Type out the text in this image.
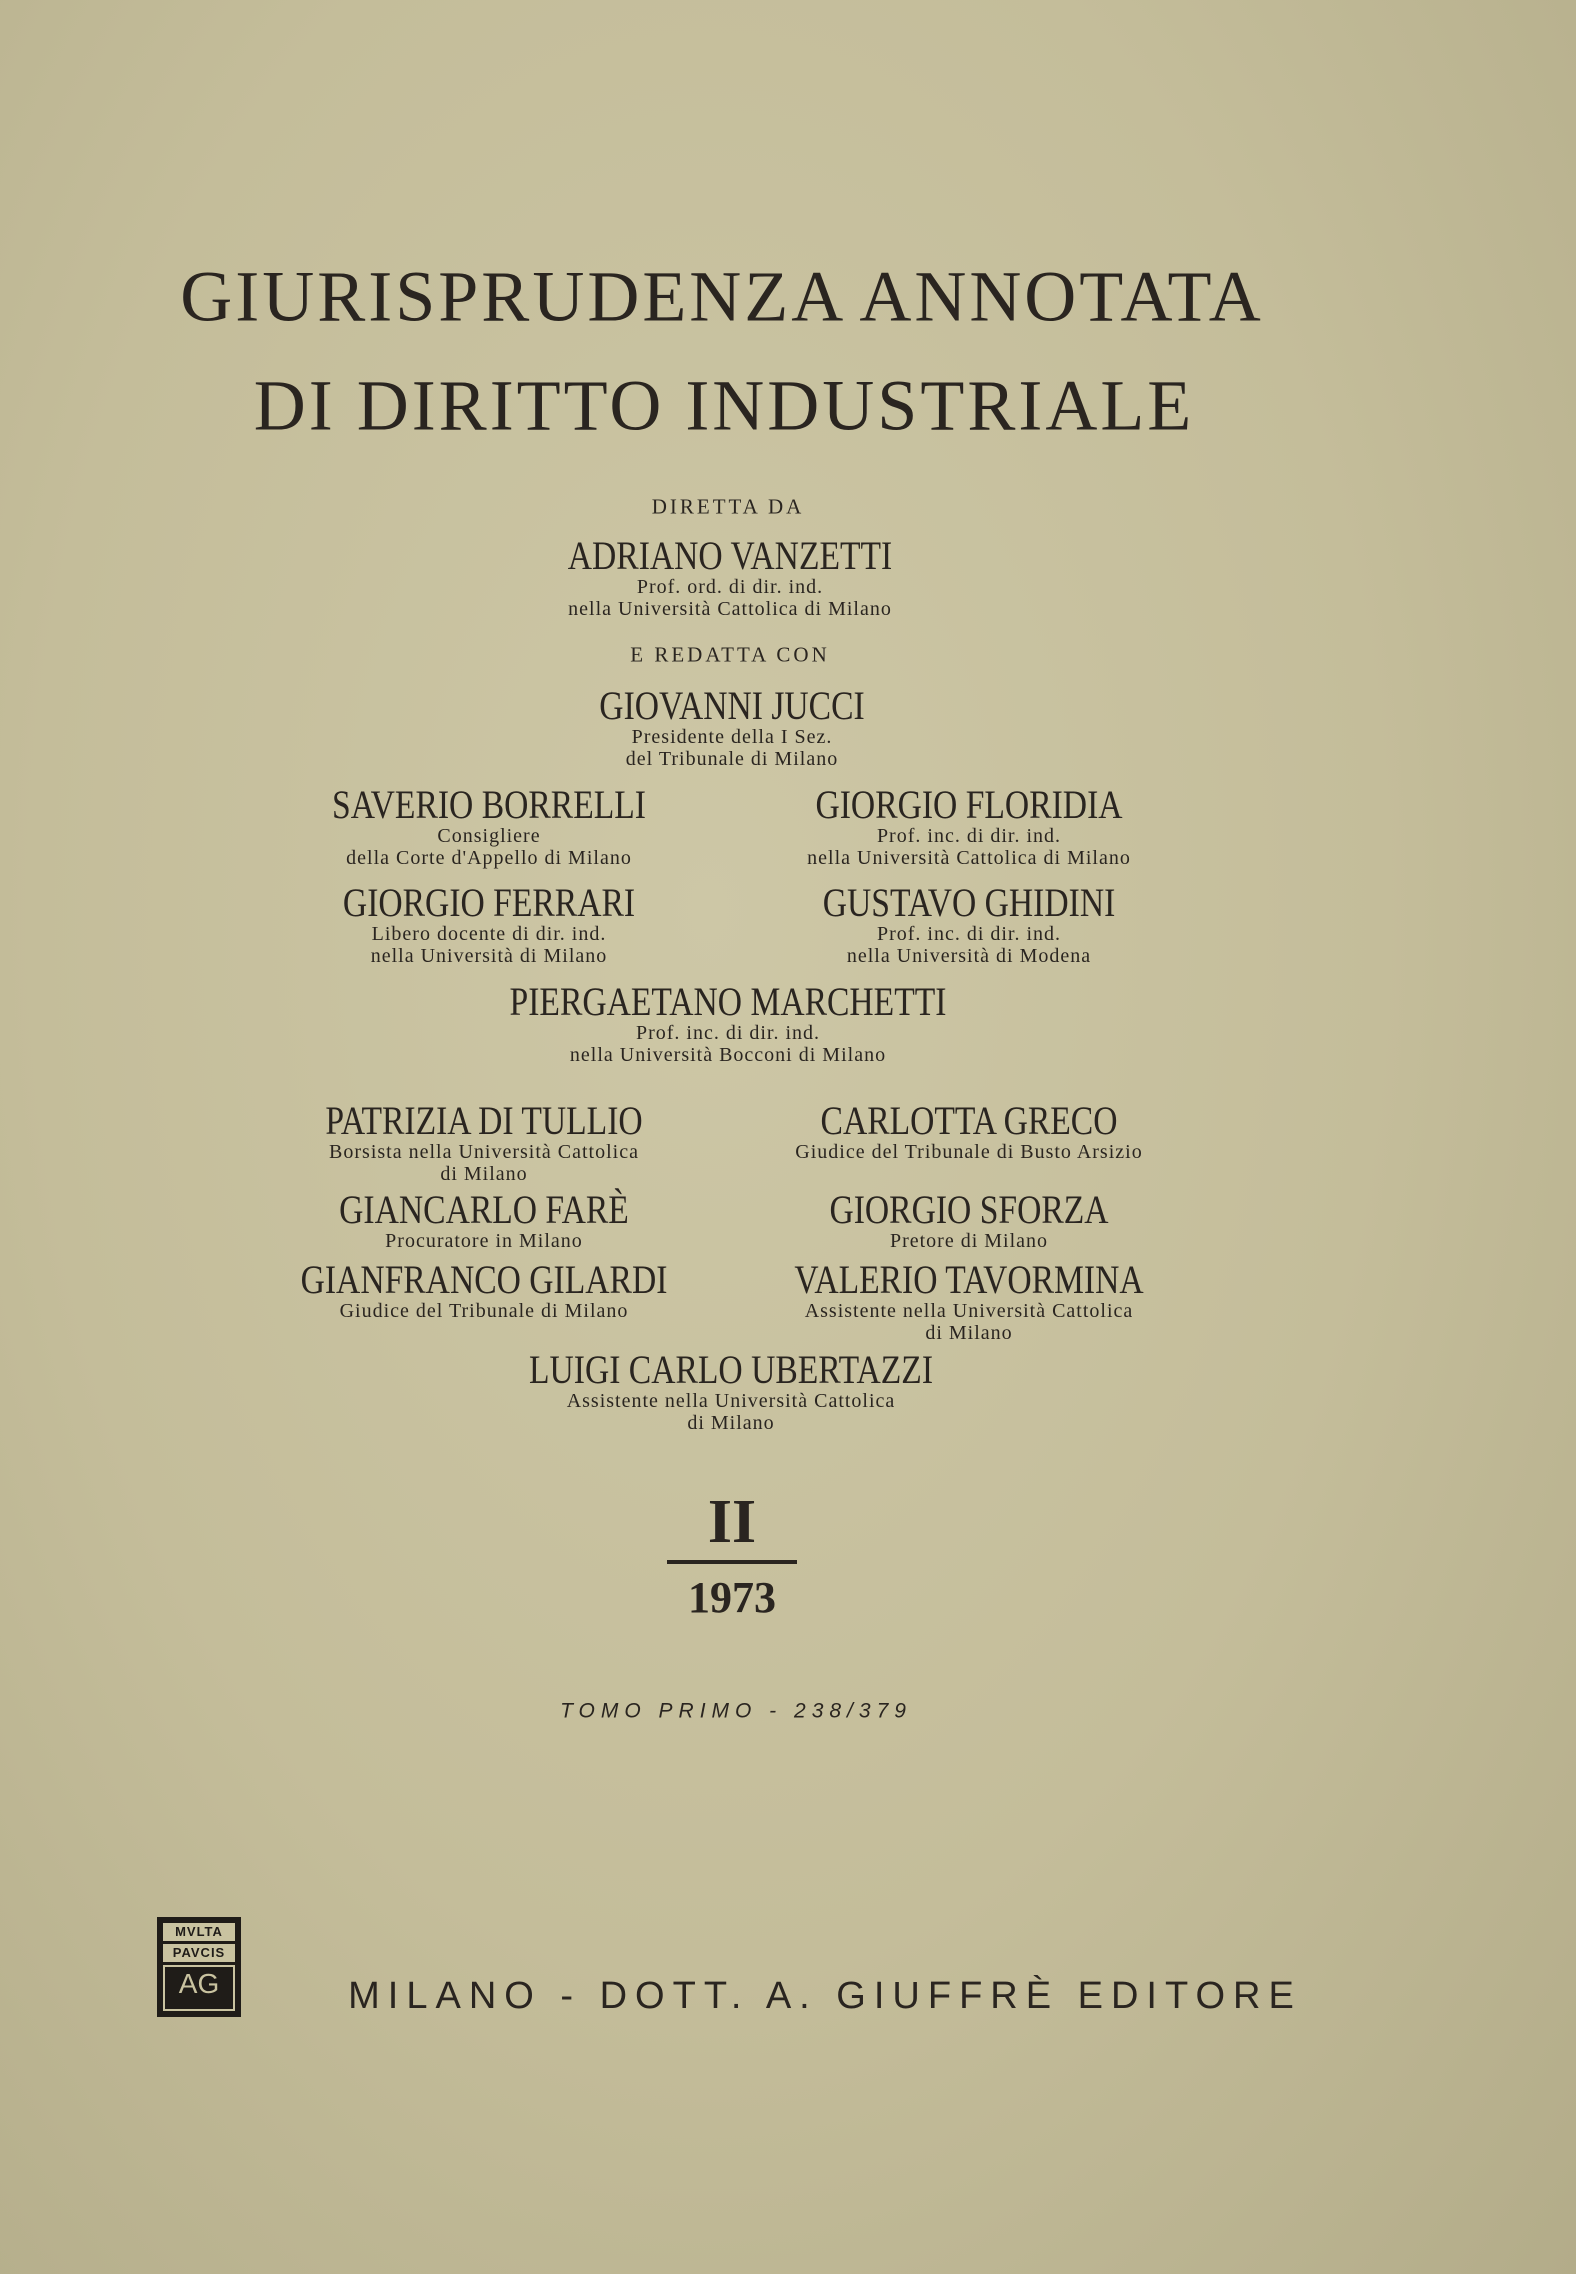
GIURISPRUDENZA ANNOTATA
DI DIRITTO INDUSTRIALE
DIRETTA DA
ADRIANO VANZETTI
Prof. ord. di dir. ind.
nella Università Cattolica di Milano
E REDATTA CON
GIOVANNI JUCCI
Presidente della I Sez.
del Tribunale di Milano
SAVERIO BORRELLI
Consigliere
della Corte d'Appello di Milano
GIORGIO FLORIDIA
Prof. inc. di dir. ind.
nella Università Cattolica di Milano
GIORGIO FERRARI
Libero docente di dir. ind.
nella Università di Milano
GUSTAVO GHIDINI
Prof. inc. di dir. ind.
nella Università di Modena
PIERGAETANO MARCHETTI
Prof. inc. di dir. ind.
nella Università Bocconi di Milano
PATRIZIA DI TULLIO
Borsista nella Università Cattolica
di Milano
CARLOTTA GRECO
Giudice del Tribunale di Busto Arsizio
GIANCARLO FARÈ
Procuratore in Milano
GIORGIO SFORZA
Pretore di Milano
GIANFRANCO GILARDI
Giudice del Tribunale di Milano
VALERIO TAVORMINA
Assistente nella Università Cattolica
di Milano
LUIGI CARLO UBERTAZZI
Assistente nella Università Cattolica
di Milano
II
1973
TOMO PRIMO - 238/379
MVLTA
PAVCIS
AG	MILANO - DOTT. A. GIUFFRÈ EDITORE
